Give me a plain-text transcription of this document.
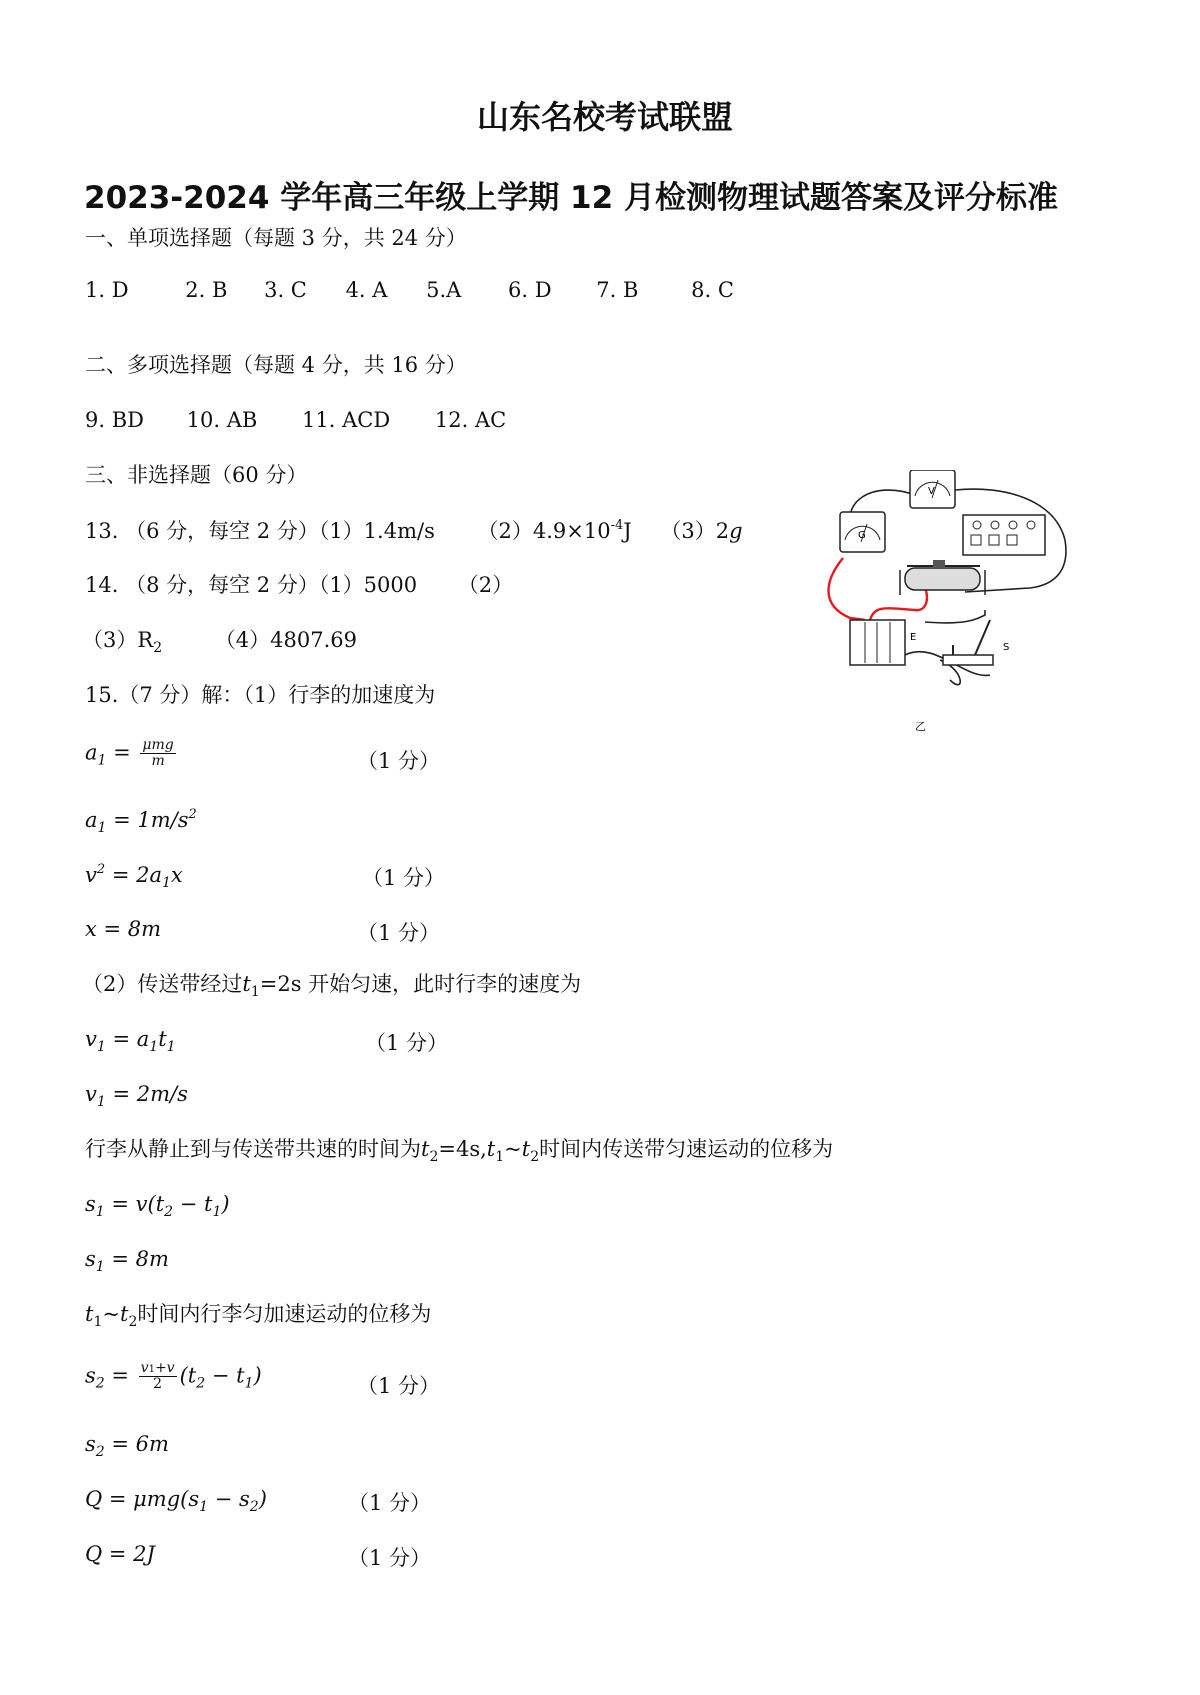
山东名校考试联盟
2023-2024 学年高三年级上学期 12 月检测物理试题答案及评分标准
一、单项选择题（每题 3 分，共 24 分）
1. D	2. B 3. C 4. A 5.A 6. D 7. B	8. C
二、多项选择题（每题 4 分，共 16 分）
9. BD 10. AB 11. ACD 12. AC
三、非选择题（60 分）
13. （6 分，每空 2 分）（1）1.4m/s $(2)4.9\times 10^{-4}J$ （3）2g
14. （8 分，每空 2 分）（1）5000 （2）
$(3)R_2$	（4）4807.69
15.（7 分）解：（1）行李的加速度为
$a_1 = \frac{\text{μmg}}{m}$	（1 分）
$a_1 = 1m/s^2$
$v^2 = 2a_1x$	（1 分）
x = 8m	（1 分）
（2）传送带经过$t_1=2s$ 开始匀速，此时行李的速度为
$v_1 = a_1t_1$	（1 分）
$v_1 = 2m/s$
行李从静止到与传送带共速的时间为$t_2=4s,t_1\sim t_2$时间内传送带匀速运动的位移为
$s_1 = v(t_2 - t_1)$
$s_1 = 8m$
$t_1\sim t_2$时间内行李匀加速运动的位移为
$s_2 = \frac{v1+v}{2} (t_2 - t_1)$	（1 分）
$s_2 = 6m$
$Q = \mu mg(s_1 - s_2)$	（1 分）
Q = 2J	（1 分）
V
G
E
S
乙
